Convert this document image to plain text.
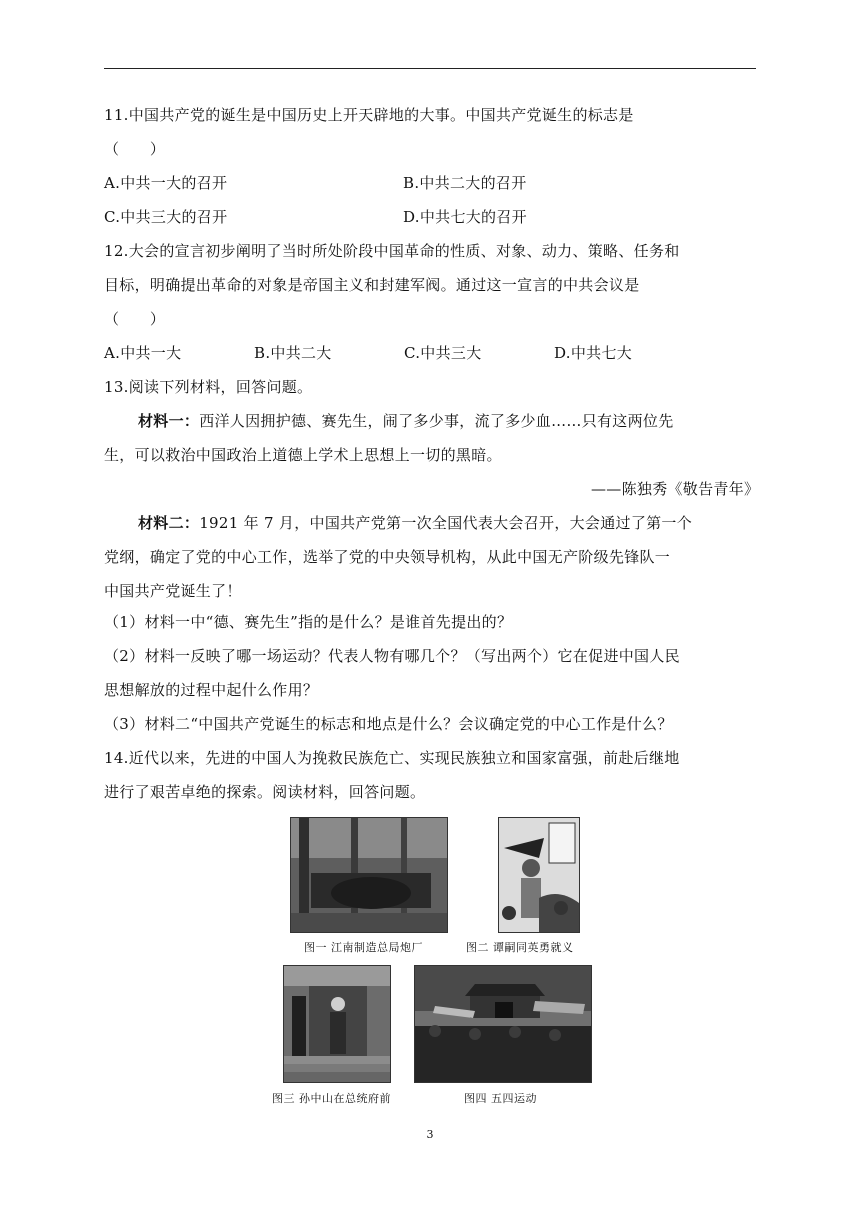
11.中国共产党的诞生是中国历史上开天辟地的大事。中国共产党诞生的标志是
（　　）
A.中共一大的召开	B.中共二大的召开
C.中共三大的召开	D.中共七大的召开
12.大会的宣言初步阐明了当时所处阶段中国革命的性质、对象、动力、策略、任务和
目标，明确提出革命的对象是帝国主义和封建军阀。通过这一宣言的中共会议是
（　　）
A.中共一大	B.中共二大	C.中共三大	D.中共七大
13.阅读下列材料，回答问题。
材料一：西洋人因拥护德、赛先生，闹了多少事，流了多少血……只有这两位先
生，可以救治中国政治上道德上学术上思想上一切的黑暗。
——陈独秀《敬告青年》
材料二：1921 年 7 月，中国共产党第一次全国代表大会召开，大会通过了第一个
党纲，确定了党的中心工作，选举了党的中央领导机构，从此中国无产阶级先锋队一
中国共产党诞生了！
（1）材料一中“德、赛先生”指的是什么？是谁首先提出的？
（2）材料一反映了哪一场运动？代表人物有哪几个？（写出两个）它在促进中国人民
思想解放的过程中起什么作用？
（3）材料二“中国共产党诞生的标志和地点是什么？会议确定党的中心工作是什么？
14.近代以来，先进的中国人为挽救民族危亡、实现民族独立和国家富强，前赴后继地
进行了艰苦卓绝的探索。阅读材料，回答问题。
图一 江南制造总局炮厂	图二 谭嗣同英勇就义
图三 孙中山在总统府前	图四 五四运动
3
